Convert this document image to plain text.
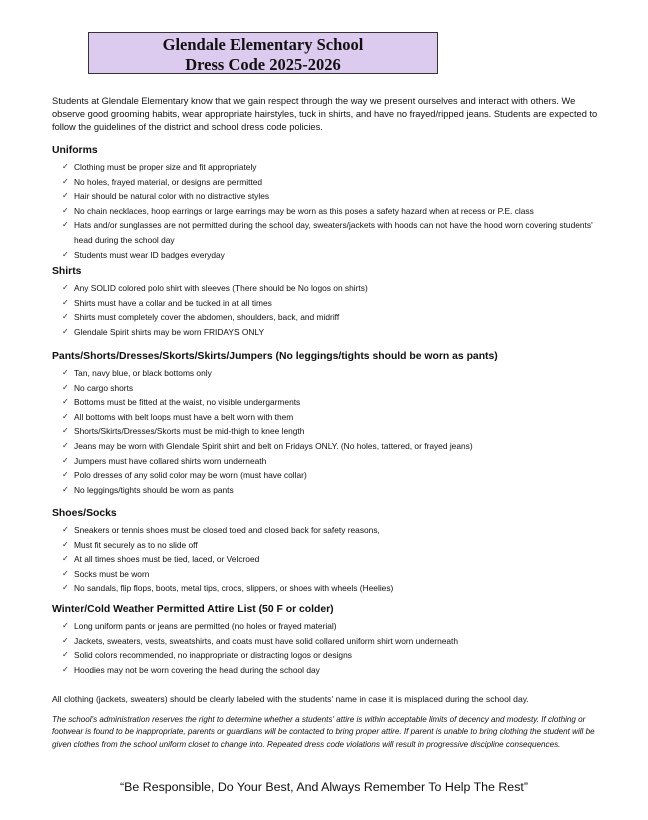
Glendale Elementary School
Dress Code 2025-2026
Students at Glendale Elementary know that we gain respect through the way we present ourselves and interact with others. We observe good grooming habits, wear appropriate hairstyles, tuck in shirts, and have no frayed/ripped jeans. Students are expected to follow the guidelines of the district and school dress code policies.
Uniforms
✓ Clothing must be proper size and fit appropriately
✓ No holes, frayed material, or designs are permitted
✓ Hair should be natural color with no distractive styles
✓ No chain necklaces, hoop earrings or large earrings may be worn as this poses a safety hazard when at recess or P.E. class
✓ Hats and/or sunglasses are not permitted during the school day, sweaters/jackets with hoods can not have the hood worn covering students' head during the school day
✓ Students must wear ID badges everyday
Shirts
✓ Any SOLID colored polo shirt with sleeves (There should be No logos on shirts)
✓ Shirts must have a collar and be tucked in at all times
✓ Shirts must completely cover the abdomen, shoulders, back, and midriff
✓ Glendale Spirit shirts may be worn FRIDAYS ONLY
Pants/Shorts/Dresses/Skorts/Skirts/Jumpers (No leggings/tights should be worn as pants)
✓ Tan, navy blue, or black bottoms only
✓ No cargo shorts
✓ Bottoms must be fitted at the waist, no visible undergarments
✓ All bottoms with belt loops must have a belt worn with them
✓ Shorts/Skirts/Dresses/Skorts must be mid-thigh to knee length
✓ Jeans may be worn with Glendale Spirit shirt and belt on Fridays ONLY. (No holes, tattered, or frayed jeans)
✓ Jumpers must have collared shirts worn underneath
✓ Polo dresses of any solid color may be worn (must have collar)
✓ No leggings/tights should be worn as pants
Shoes/Socks
✓ Sneakers or tennis shoes must be closed toed and closed back for safety reasons,
✓ Must fit securely as to no slide off
✓ At all times shoes must be tied, laced, or Velcroed
✓ Socks must be worn
✓ No sandals, flip flops, boots, metal tips, crocs, slippers, or shoes with wheels (Heelies)
Winter/Cold Weather Permitted Attire List (50 F or colder)
✓ Long uniform pants or jeans are permitted (no holes or frayed material)
✓ Jackets, sweaters, vests, sweatshirts, and coats must have solid collared uniform shirt worn underneath
✓ Solid colors recommended, no inappropriate or distracting logos or designs
✓ Hoodies may not be worn covering the head during the school day
All clothing (jackets, sweaters) should be clearly labeled with the students' name in case it is misplaced during the school day.
The school's administration reserves the right to determine whether a students' attire is within acceptable limits of decency and modesty. If clothing or footwear is found to be inappropriate, parents or guardians will be contacted to bring proper attire. If parent is unable to bring clothing the student will be given clothes from the school uniform closet to change into. Repeated dress code violations will result in progressive discipline consequences.
“Be Responsible, Do Your Best, And Always Remember To Help The Rest”
